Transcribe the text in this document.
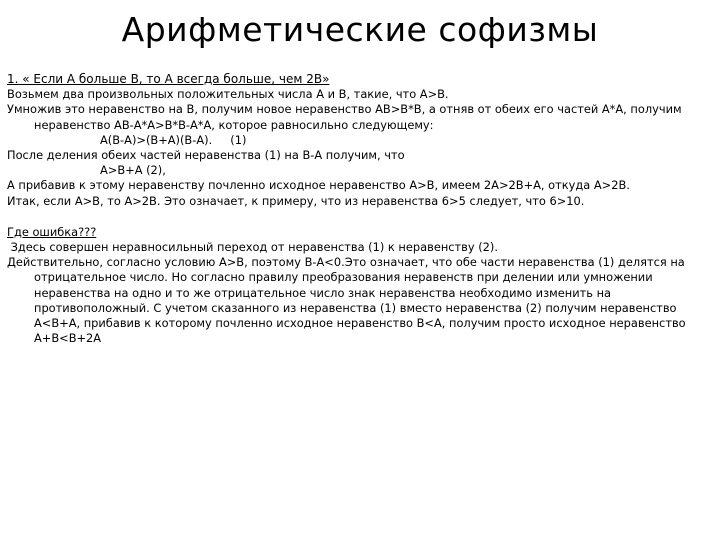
Арифметические софизмы

1. « Если А больше В, то А всегда больше, чем 2В»

Возьмем два произвольных положительных числа А и В, такие, что А>В.

Умножив это неравенство на В, получим новое неравенство АВ>В*В, а отняв от обеих его частей А*А, получим неравенство АВ-А*А>В*В-А*А, которое равносильно следующему:

А(В-А)>(В+А)(В-А).     (1)

После деления обеих частей неравенства (1) на В-А получим, что

А>В+А (2),

А прибавив к этому неравенству почленно исходное неравенство А>В, имеем 2А>2В+А, откуда А>2В.

Итак, если А>В, то А>2В. Это означает, к примеру, что из неравенства 6>5 следует, что 6>10.

Где ошибка???

Здесь совершен неравносильный переход от неравенства (1) к неравенству (2).

Действительно, согласно условию А>В, поэтому В-А<0.Это означает, что обе части неравенства (1) делятся на отрицательное число. Но согласно правилу преобразования неравенств при делении или умножении неравенства на одно и то же отрицательное число знак неравенства необходимо изменить на противоположный. С учетом сказанного из неравенства (1) вместо неравенства (2) получим неравенство А<В+А, прибавив к которому почленно исходное неравенство В<А, получим просто исходное неравенство А+В<В+2А
